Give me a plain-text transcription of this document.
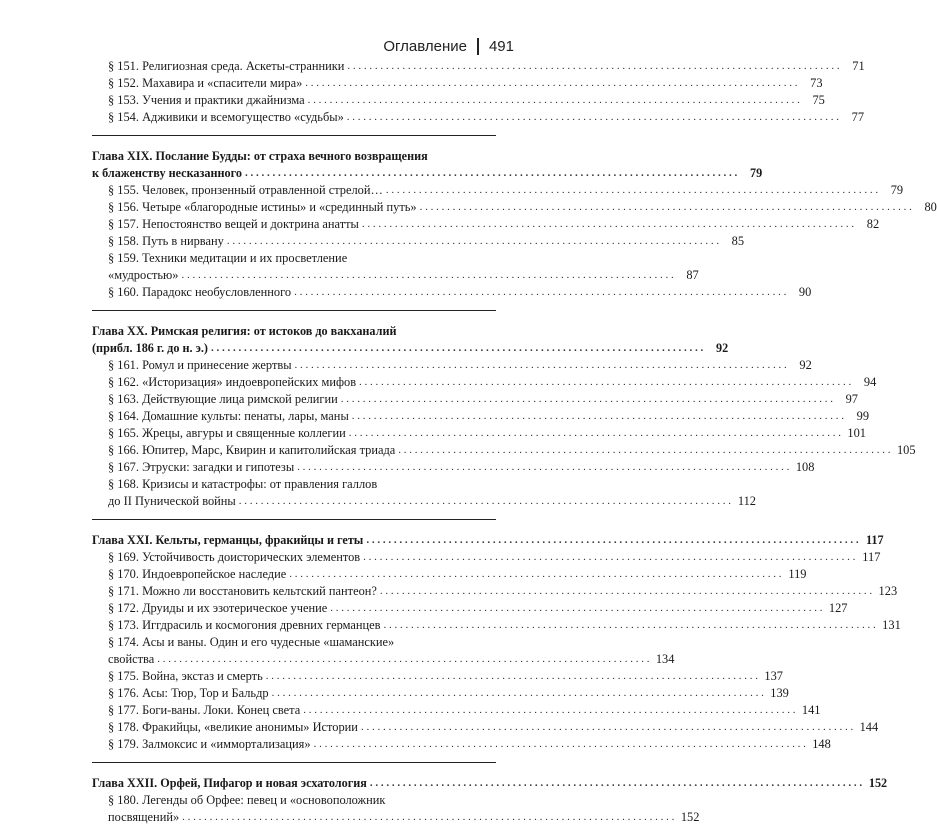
Оглавление 491
§ 151. Религиозная среда. Аскеты-странники . . .	71
§ 152. Махавира и «спасители мира» . . .	73
§ 153. Учения и практики джайнизма . . .	75
§ 154. Адживики и всемогущество «судьбы» . . .	77
Глава XIX. Послание Будды: от страха вечного возвращения
к блаженству несказанного . . .	79
§ 155. Человек, пронзенный отравленной стрелой… . . .	79
§ 156. Четыре «благородные истины» и «срединный путь» . . .	80
§ 157. Непостоянство вещей и доктрина анатты . . .	82
§ 158. Путь в нирвану . . .	85
§ 159. Техники медитации и их просветление
«мудростью» . . .	87
§ 160. Парадокс необусловленного . . .	90
Глава XX. Римская религия: от истоков до вакханалий
(прибл. 186 г. до н. э.) . . .	92
§ 161. Ромул и принесение жертвы . . .	92
§ 162. «Историзация» индоевропейских мифов . . .	94
§ 163. Действующие лица римской религии . . .	97
§ 164. Домашние культы: пенаты, лары, маны . . .	99
§ 165. Жрецы, авгуры и священные коллегии . . .	101
§ 166. Юпитер, Марс, Квирин и капитолийская триада . . .	105
§ 167. Этруски: загадки и гипотезы . . .	108
§ 168. Кризисы и катастрофы: от правления галлов
до II Пунической войны . . .	112
Глава XXI. Кельты, германцы, фракийцы и геты . . .	117
§ 169. Устойчивость доисторических элементов . . .	117
§ 170. Индоевропейское наследие . . .	119
§ 171. Можно ли восстановить кельтский пантеон? . . .	123
§ 172. Друиды и их эзотерическое учение . . .	127
§ 173. Иггдрасиль и космогония древних германцев . . .	131
§ 174. Асы и ваны. Один и его чудесные «шаманские»
свойства . . .	134
§ 175. Война, экстаз и смерть . . .	137
§ 176. Асы: Тюр, Тор и Бальдр . . .	139
§ 177. Боги-ваны. Локи. Конец света . . .	141
§ 178. Фракийцы, «великие анонимы» Истории . . .	144
§ 179. Залмоксис и «иммортализация» . . .	148
Глава XXII. Орфей, Пифагор и новая эсхатология . . .	152
§ 180. Легенды об Орфее: певец и «основоположник
посвящений» . . .	152
